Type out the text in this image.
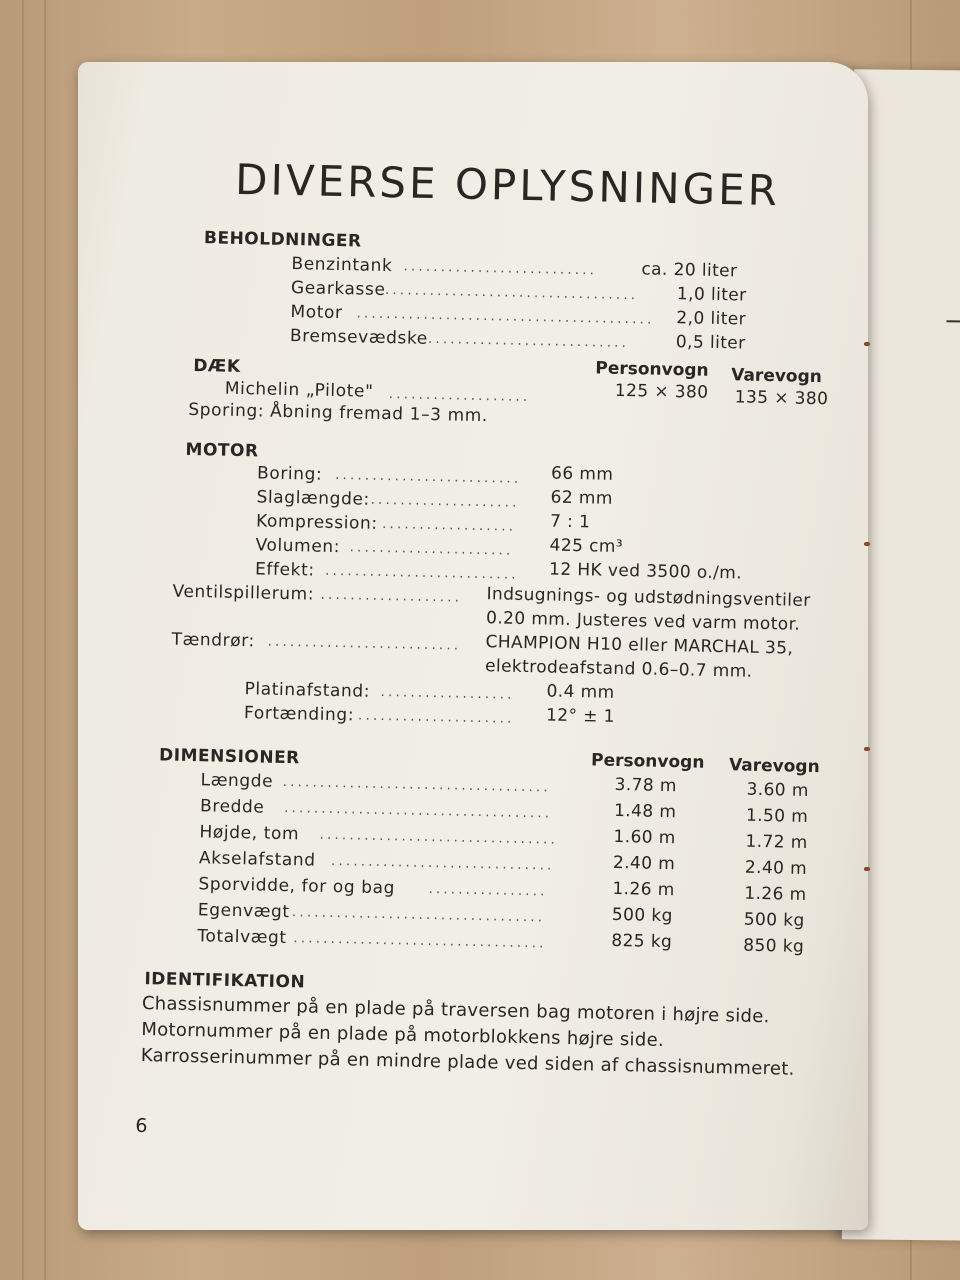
DIVERSE OPLYSNINGER
BEHOLDNINGER
Benzintank ..........................	ca. 20 liter
Gearkasse .................................. 1,0 liter
Motor ........................................ 2,0 liter
Bremsevædske ...........................	0,5 liter
DÆK	Personvogn Varevogn
Michelin „Pilote" ...................	125 × 380 135 × 380
Sporing: Åbning fremad 1–3 mm.
MOTOR
Boring: ......................... 66 mm
Slaglængde: .................... 62 mm
Kompression: .................. 7 : 1
Volumen: ...................... 425 cm³
Effekt: .......................... 12 HK ved 3500 o./m.
Ventilspillerum: ................... Indsugnings- og udstødningsventiler
0.20 mm. Justeres ved varm motor.
Tændrør: .......................... CHAMPION H10 eller MARCHAL 35,
elektrodeafstand 0.6–0.7 mm.
Platinafstand: .................. 0.4 mm
Fortænding: ..................... 12° ± 1
DIMENSIONER	Personvogn Varevogn
Længde ....................................	3.78 m	3.60 m
Bredde ....................................	1.48 m	1.50 m
Højde, tom ................................	1.60 m	1.72 m
Akselafstand ..............................	2.40 m	2.40 m
Sporvidde, for og bag ................	1.26 m	1.26 m
Egenvægt ..................................	500 kg	500 kg
Totalvægt ..................................	825 kg	850 kg
IDENTIFIKATION
Chassisnummer på en plade på traversen bag motoren i højre side.
Motornummer på en plade på motorblokkens højre side.
Karrosserinummer på en mindre plade ved siden af chassisnummeret.
6
